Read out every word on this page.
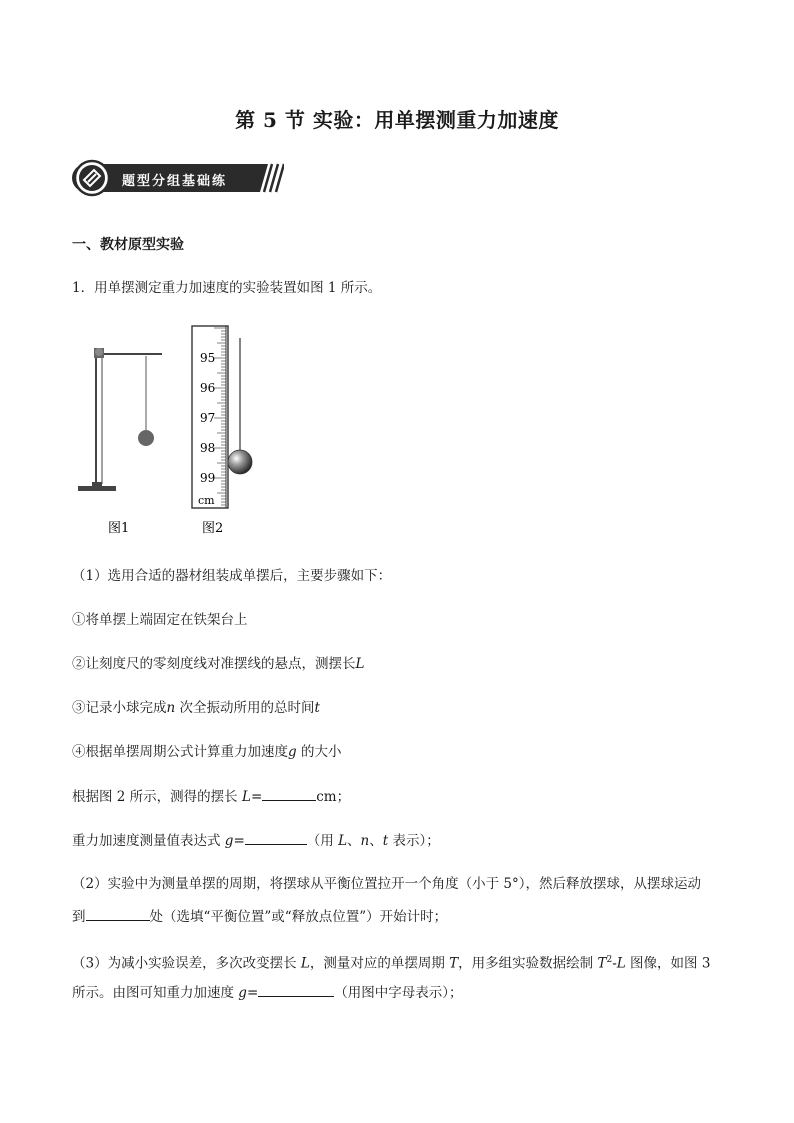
第 5 节 实验：用单摆测重力加速度
题型分组基础练
一、教材原型实验
1．用单摆测定重力加速度的实验装置如图 1 所示。
95
96
97
98
99
cm
图1	图2
（1）选用合适的器材组装成单摆后，主要步骤如下：
①将单摆上端固定在铁架台上
②让刻度尺的零刻度线对准摆线的悬点，测摆长L
③记录小球完成n 次全振动所用的总时间t
④根据单摆周期公式计算重力加速度g 的大小
根据图 2 所示，测得的摆长 L=	cm；
重力加速度测量值表达式 g=	（用 L、n、t 表示）；
（2）实验中为测量单摆的周期，将摆球从平衡位置拉开一个角度（小于 5°），然后释放摆球，从摆球运动
到	处（选填“平衡位置”或“释放点位置”）开始计时；
（3）为减小实验误差，多次改变摆长 L，测量对应的单摆周期 T，用多组实验数据绘制 $T^2-L$ 图像，如图 3
所示。由图可知重力加速度 g=	（用图中字母表示）；
